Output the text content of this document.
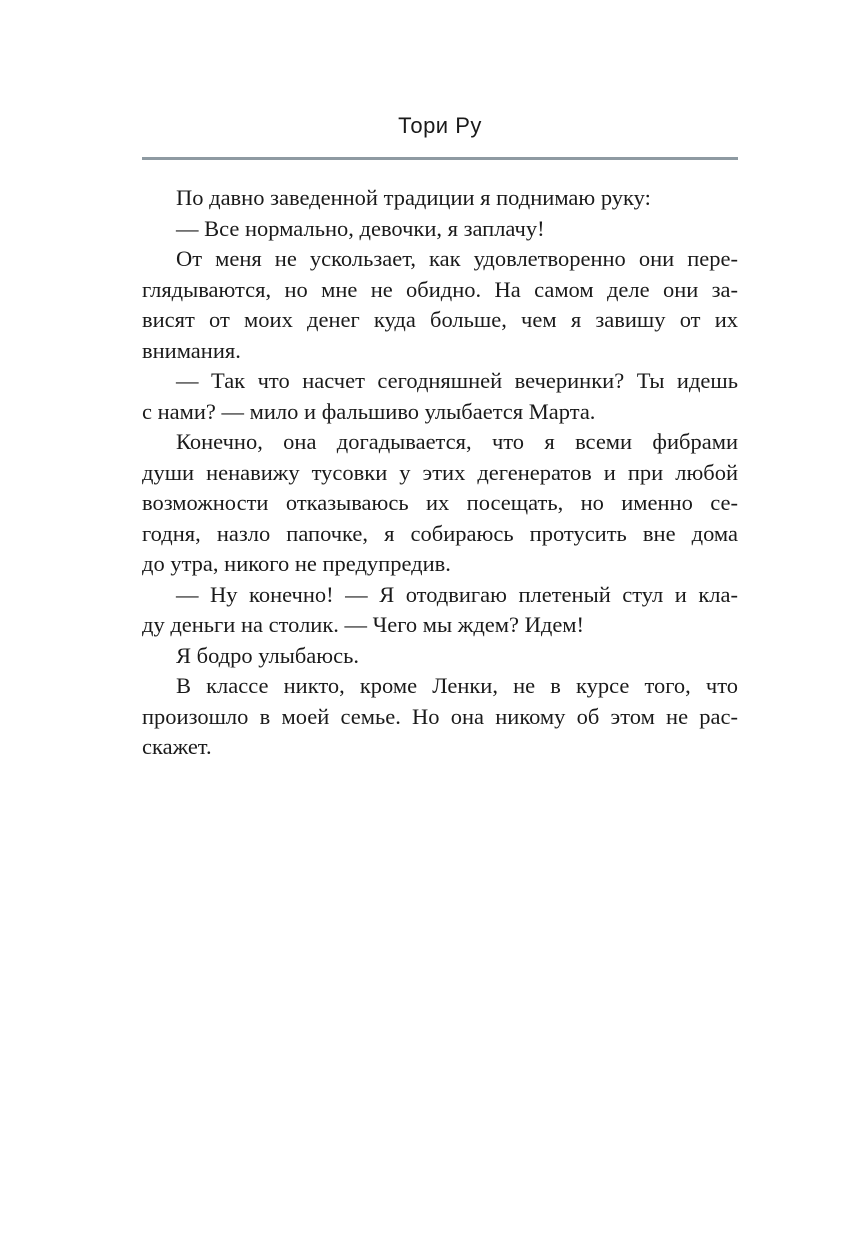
Тори Ру
По давно заведенной традиции я поднимаю руку:
— Все нормально, девочки, я заплачу!
От меня не ускользает, как удовлетворенно они пере-
глядываются, но мне не обидно. На самом деле они за-
висят от моих денег куда больше, чем я завишу от их
внимания.
— Так что насчет сегодняшней вечеринки? Ты идешь
с нами? — мило и фальшиво улыбается Марта.
Конечно, она догадывается, что я всеми фибрами
души ненавижу тусовки у этих дегенератов и при любой
возможности отказываюсь их посещать, но именно се-
годня, назло папочке, я собираюсь протусить вне дома
до утра, никого не предупредив.
— Ну конечно! — Я отодвигаю плетеный стул и кла-
ду деньги на столик. — Чего мы ждем? Идем!
Я бодро улыбаюсь.
В классе никто, кроме Ленки, не в курсе того, что
произошло в моей семье. Но она никому об этом не рас-
скажет.
